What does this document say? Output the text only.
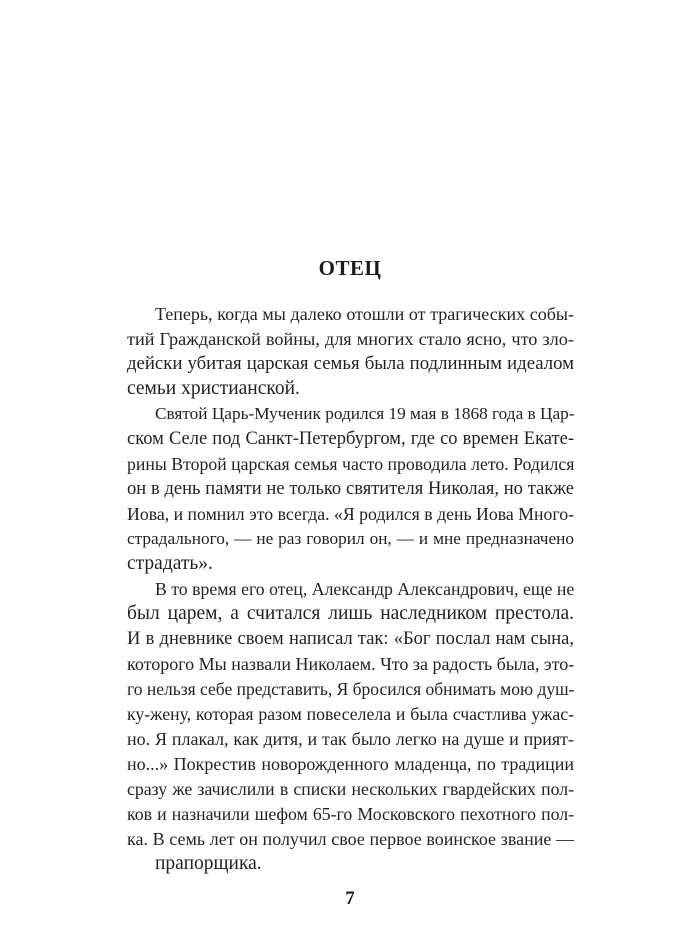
ОТЕЦ
Теперь, когда мы далеко отошли от трагических собы-
тий Гражданской войны, для многих стало ясно, что зло-
дейски убитая царская семья была подлинным идеалом
семьи христианской.
Святой Царь-Мученик родился 19 мая в 1868 года в Цар-
ском Селе под Санкт-Петербургом, где со времен Екате-
рины Второй царская семья часто проводила лето. Родился
он в день памяти не только святителя Николая, но также
Иова, и помнил это всегда. «Я родился в день Иова Много-
страдального, — не раз говорил он, — и мне предназначено
страдать».
В то время его отец, Александр Александрович, еще не
был царем, а считался лишь наследником престола.
И в дневнике своем написал так: «Бог послал нам сына,
которого Мы назвали Николаем. Что за радость была, это-
го нельзя себе представить, Я бросился обнимать мою душ-
ку-жену, которая разом повеселела и была счастлива ужас-
но. Я плакал, как дитя, и так было легко на душе и прият-
но...» Покрестив новорожденного младенца, по традиции
сразу же зачислили в списки нескольких гвардейских пол-
ков и назначили шефом 65-го Московского пехотного пол-
ка. В семь лет он получил свое первое воинское звание —
прапорщика.
7
